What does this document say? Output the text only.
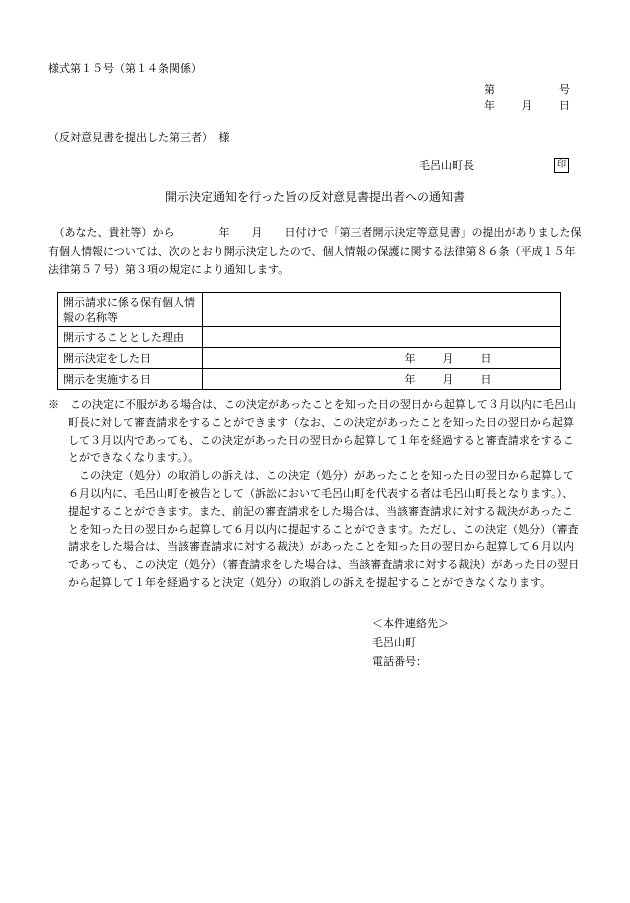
様式第１５号（第１４条関係）
第	号
年 月 日
（反対意見書を提出した第三者）　様
毛呂山町長	印
開示決定通知を行った旨の反対意見書提出者への通知書

　（あなた、貴社等）から　　　　年　　月　　日付けで「第三者開示決定等意見書」の提出がありました保有個人情報については、次のとおり開示決定したので、個人情報の保護に関する法律第８６条（平成１５年法律第５７号）第３項の規定により通知します。

開示請求に係る保有個人情報の名称等	
開示することとした理由	
開示決定をした日	年 月 日

開示を実施する日	年 月 日

※　この決定に不服がある場合は、この決定があったことを知った日の翌日から起算して３月以内に毛呂山町長に対して審査請求をすることができます（なお、この決定があったことを知った日の翌日から起算して３月以内であっても、この決定があった日の翌日から起算して１年を経過すると審査請求をすることができなくなります。）。

この決定（処分）の取消しの訴えは、この決定（処分）があったことを知った日の翌日から起算して６月以内に、毛呂山町を被告として（訴訟において毛呂山町を代表する者は毛呂山町長となります。）、提起することができます。また、前記の審査請求をした場合は、当該審査請求に対する裁決があったことを知った日の翌日から起算して６月以内に提起することができます。ただし、この決定（処分）（審査請求をした場合は、当該審査請求に対する裁決）があったことを知った日の翌日から起算して６月以内であっても、この決定（処分）（審査請求をした場合は、当該審査請求に対する裁決）があった日の翌日から起算して１年を経過すると決定（処分）の取消しの訴えを提起することができなくなります。

＜本件連絡先＞
毛呂山町
電話番号：
